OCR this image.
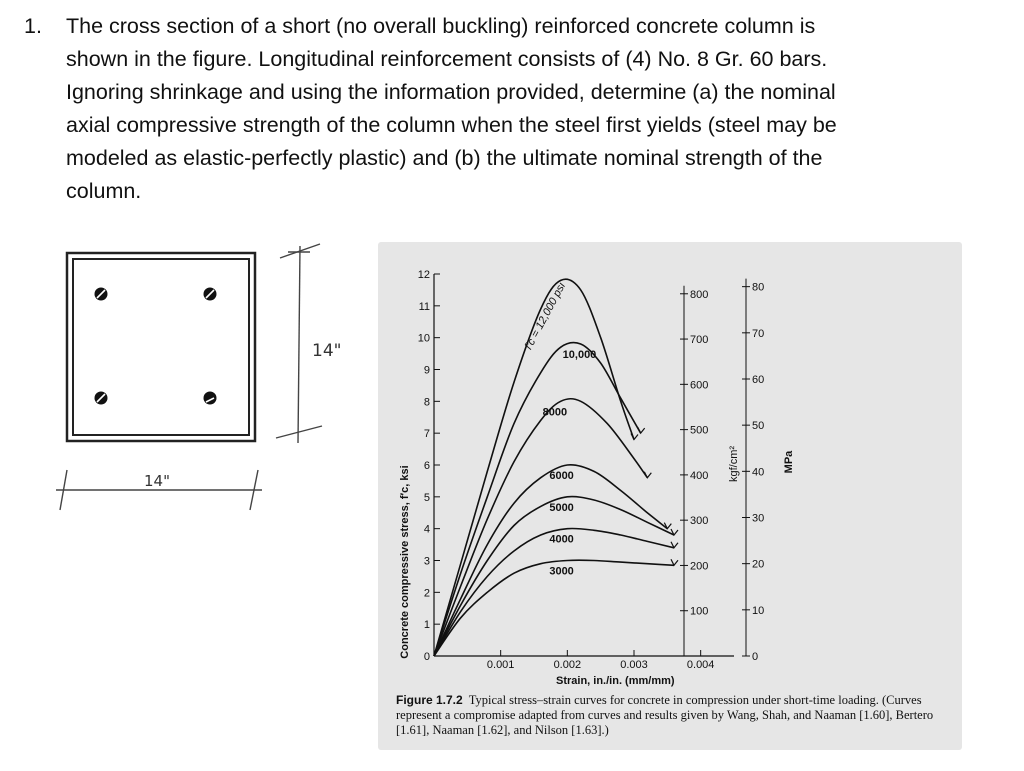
1. The cross section of a short (no overall buckling) reinforced concrete column is
shown in the figure. Longitudinal reinforcement consists of (4) No. 8 Gr. 60 bars.
Ignoring shrinkage and using the information provided, determine (a) the nominal
axial compressive strength of the column when the steel first yields (steel may be
modeled as elastic-perfectly plastic) and (b) the ultimate nominal strength of the
column.
14"
14"
0
1
2
3
4
5
6
7
8
9
10
11
12
0.001	0.002	0.003	0.004
100
200
300
400
500
600
700
800
0
10
20
30
40
50
60
70
80
f′c = 12,000 psi
10,000
8000
6000
5000
4000
3000
Concrete compressive stress, f′c, ksi
Strain, in./in. (mm/mm)
kgf/cm²	MPa
Figure 1.7.2 Typical stress–strain curves for concrete in compression under short-time loading. (Curves represent a compromise adapted from curves and results given by Wang, Shah, and Naaman [1.60], Bertero [1.61], Naaman [1.62], and Nilson [1.63].)
